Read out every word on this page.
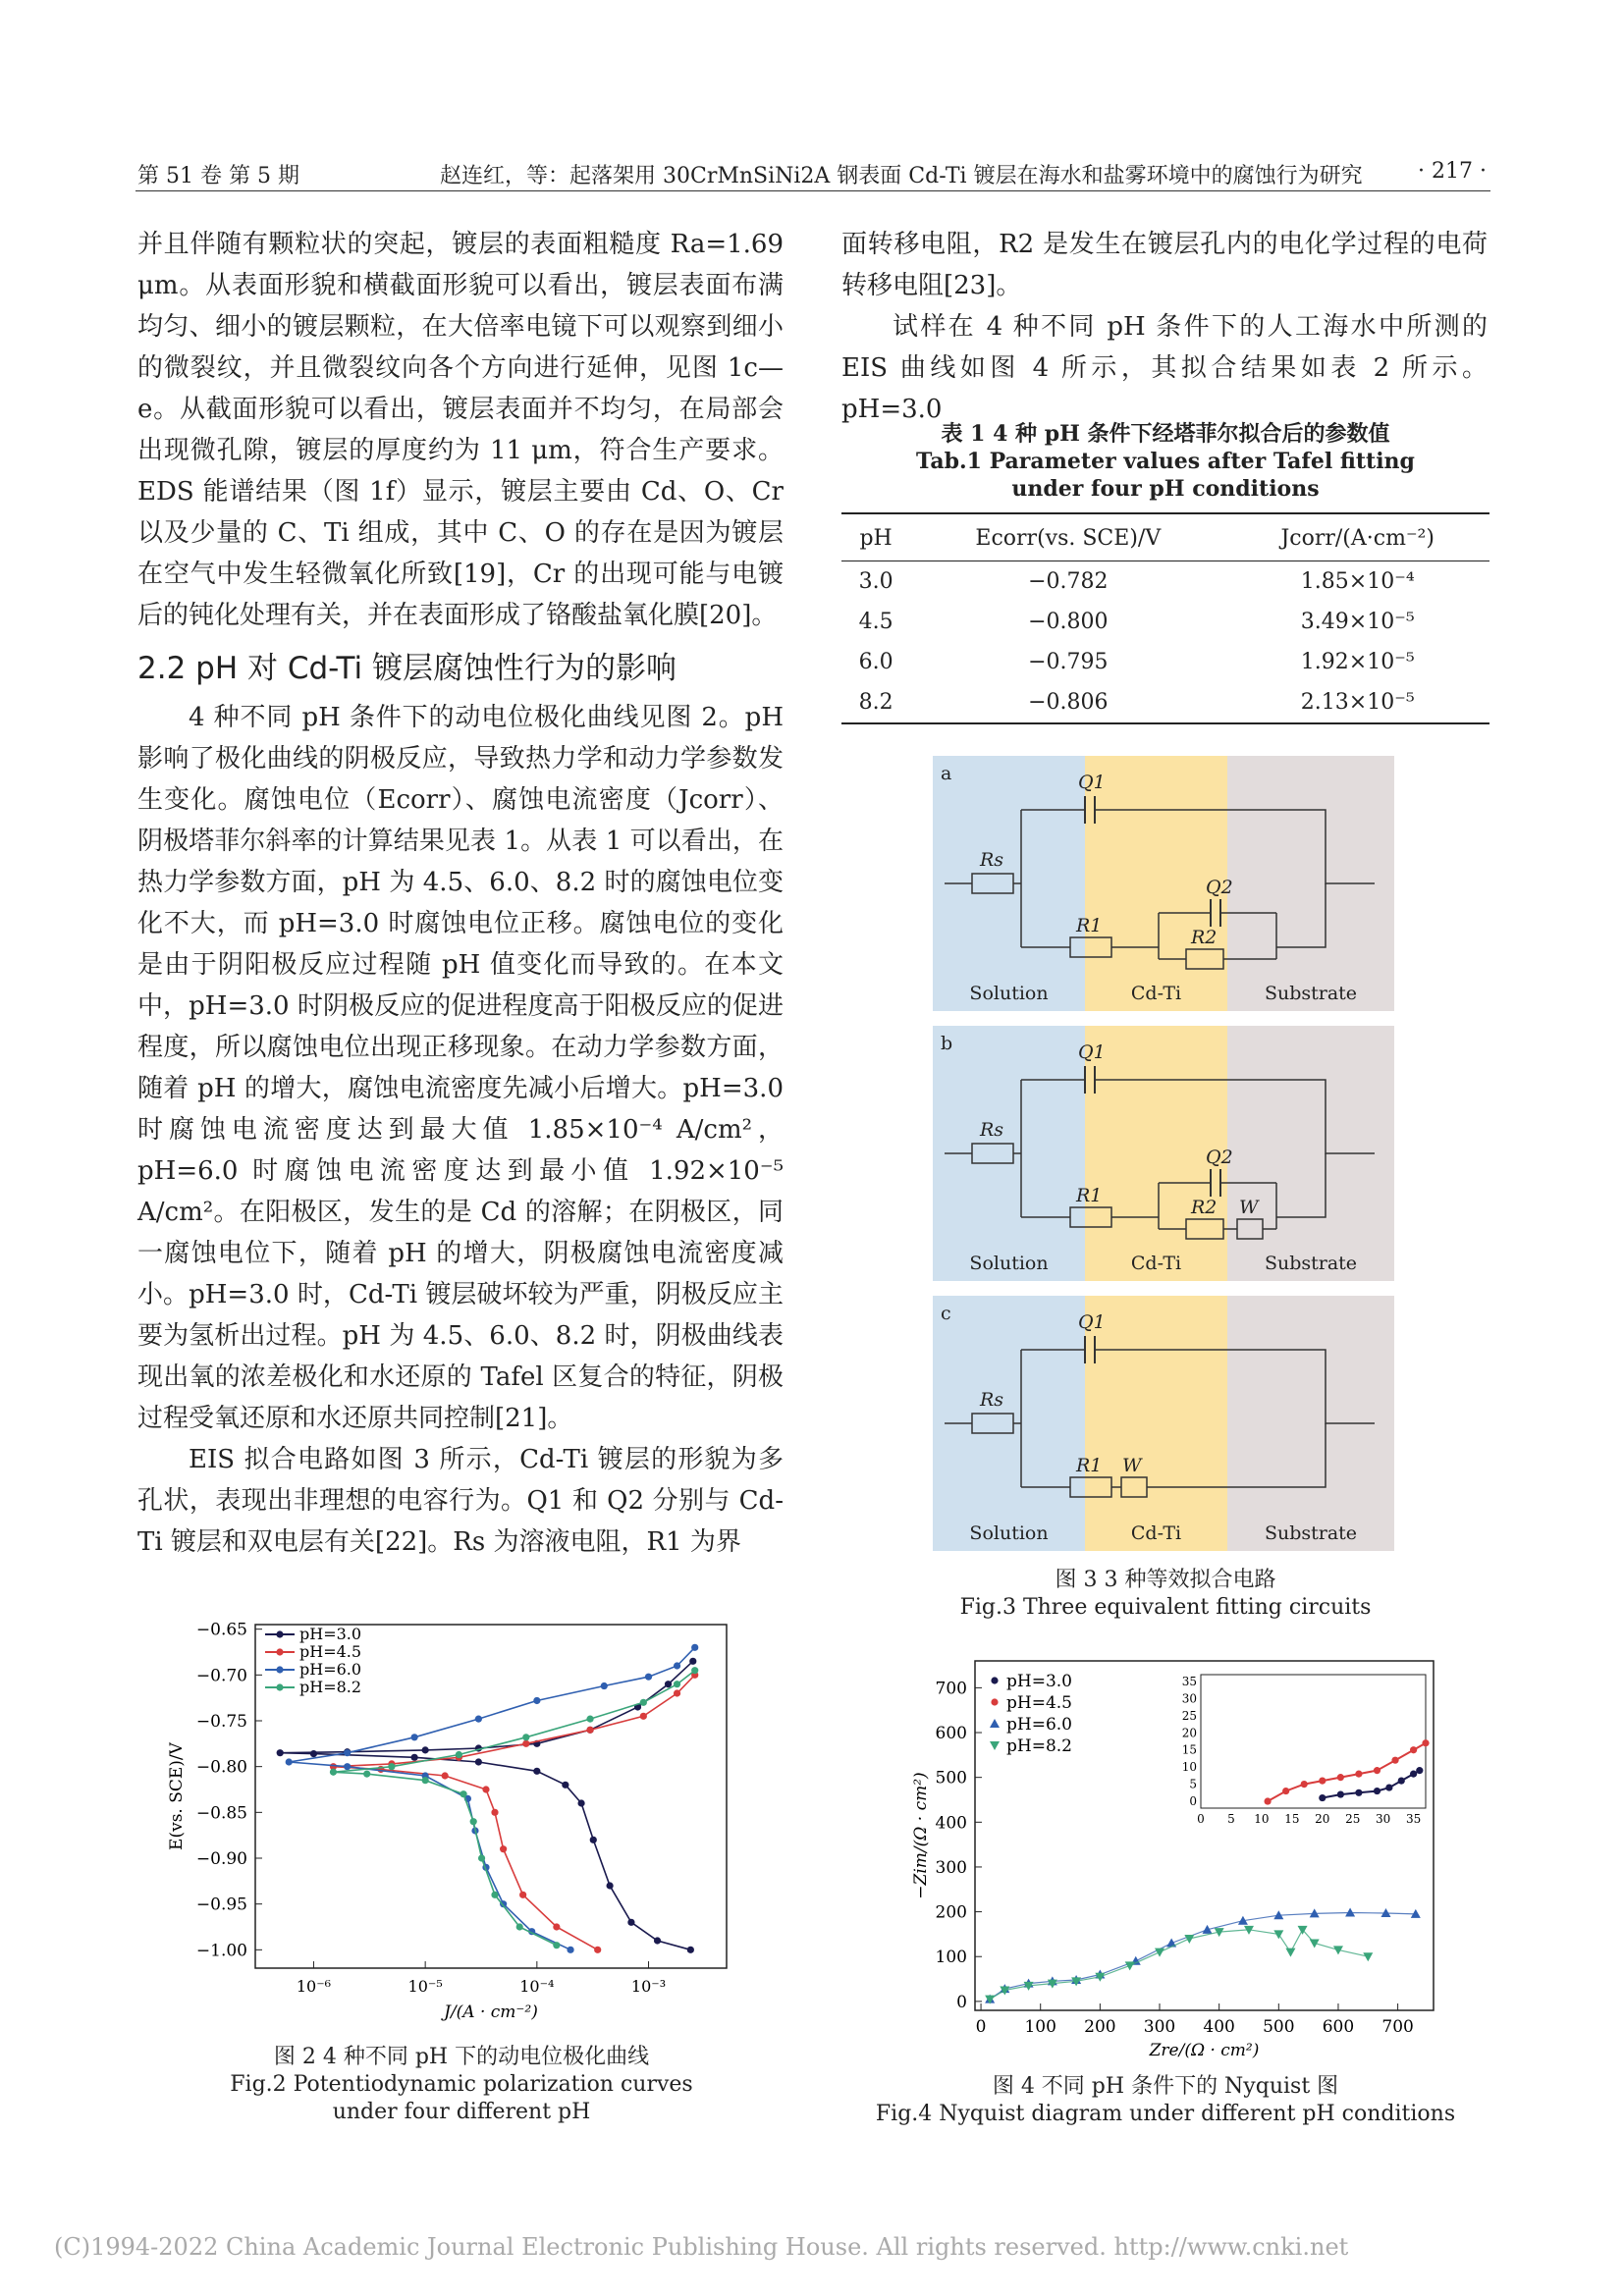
第 51 卷 第 5 期	赵连红，等：起落架用 30CrMnSiNi2A 钢表面 Cd-Ti 镀层在海水和盐雾环境中的腐蚀行为研究	· 217 ·

并且伴随有颗粒状的突起，镀层的表面粗糙度 Ra=1.69 μm。从表面形貌和横截面形貌可以看出，镀层表面布满均匀、细小的镀层颗粒，在大倍率电镜下可以观察到细小的微裂纹，并且微裂纹向各个方向进行延伸，见图 1c—e。从截面形貌可以看出，镀层表面并不均匀，在局部会出现微孔隙，镀层的厚度约为 11 μm，符合生产要求。EDS 能谱结果（图 1f）显示，镀层主要由 Cd、O、Cr 以及少量的 C、Ti 组成，其中 C、O 的存在是因为镀层在空气中发生轻微氧化所致[19]，Cr 的出现可能与电镀后的钝化处理有关，并在表面形成了铬酸盐氧化膜[20]。

2.2 pH 对 Cd-Ti 镀层腐蚀性行为的影响

4 种不同 pH 条件下的动电位极化曲线见图 2。pH 影响了极化曲线的阴极反应，导致热力学和动力学参数发生变化。腐蚀电位（Ecorr）、腐蚀电流密度（Jcorr）、阴极塔菲尔斜率的计算结果见表 1。从表 1 可以看出，在热力学参数方面，pH 为 4.5、6.0、8.2 时的腐蚀电位变化不大，而 pH=3.0 时腐蚀电位正移。腐蚀电位的变化是由于阴阳极反应过程随 pH 值变化而导致的。在本文中，pH=3.0 时阴极反应的促进程度高于阳极反应的促进程度，所以腐蚀电位出现正移现象。在动力学参数方面，随着 pH 的增大，腐蚀电流密度先减小后增大。pH=3.0 时腐蚀电流密度达到最大值 1.85×10⁻⁴ A/cm²，pH=6.0 时腐蚀电流密度达到最小值 1.92×10⁻⁵ A/cm²。在阳极区，发生的是 Cd 的溶解；在阴极区，同一腐蚀电位下，随着 pH 的增大，阴极腐蚀电流密度减小。pH=3.0 时，Cd-Ti 镀层破坏较为严重，阴极反应主要为氢析出过程。pH 为 4.5、6.0、8.2 时，阴极曲线表现出氧的浓差极化和水还原的 Tafel 区复合的特征，阴极过程受氧还原和水还原共同控制[21]。

EIS 拟合电路如图 3 所示，Cd-Ti 镀层的形貌为多孔状，表现出非理想的电容行为。Q1 和 Q2 分别与 Cd-Ti 镀层和双电层有关[22]。Rs 为溶液电阻，R1 为界

面转移电阻，R2 是发生在镀层孔内的电化学过程的电荷转移电阻[23]。

试样在 4 种不同 pH 条件下的人工海水中所测的 EIS 曲线如图 4 所示，其拟合结果如表 2 所示。pH=3.0

表 1 4 种 pH 条件下经塔菲尔拟合后的参数值
Tab.1 Parameter values after Tafel fitting under four pH conditions
pH	Ecorr(vs. SCE)/V	Jcorr/(A·cm⁻²)
3.0	−0.782	1.85×10⁻⁴
4.5	−0.800	3.49×10⁻⁵
6.0	−0.795	1.92×10⁻⁵
8.2	−0.806	2.13×10⁻⁵
Solution	Cd-Ti	Substrate
a
Rs
Q1
R1
Q2
R2
Solution	Cd-Ti	Substrate
b
Rs
Q1
R1
Q2
R2 W
Solution	Cd-Ti	Substrate
c
Rs
Q1
R1 W
图 3 3 种等效拟合电路
Fig.3 Three equivalent fitting circuits
10⁻⁶	10⁻⁵	10⁻⁴	10⁻³
−0.65
−0.70
−0.75
−0.80
−0.85
−0.90
−0.95
−1.00
J/(A · cm⁻²)
E(vs. SCE)/V
pH=3.0
pH=4.5
pH=6.0
pH=8.2
图 2 4 种不同 pH 下的动电位极化曲线
Fig.2 Potentiodynamic polarization curves under four different pH
0 100 200 300 400 500 600 700
0
100
200
300
400
500
600
700
Zre/(Ω · cm²)
−Zim/(Ω · cm²)
pH=3.0
pH=4.5
pH=6.0
pH=8.2
0 5 10 15 20 25 30 35
0
5
10
15
20
25
30
35
图 4 不同 pH 条件下的 Nyquist 图
Fig.4 Nyquist diagram under different pH conditions
(C)1994-2022 China Academic Journal Electronic Publishing House. All rights reserved. http://www.cnki.net
